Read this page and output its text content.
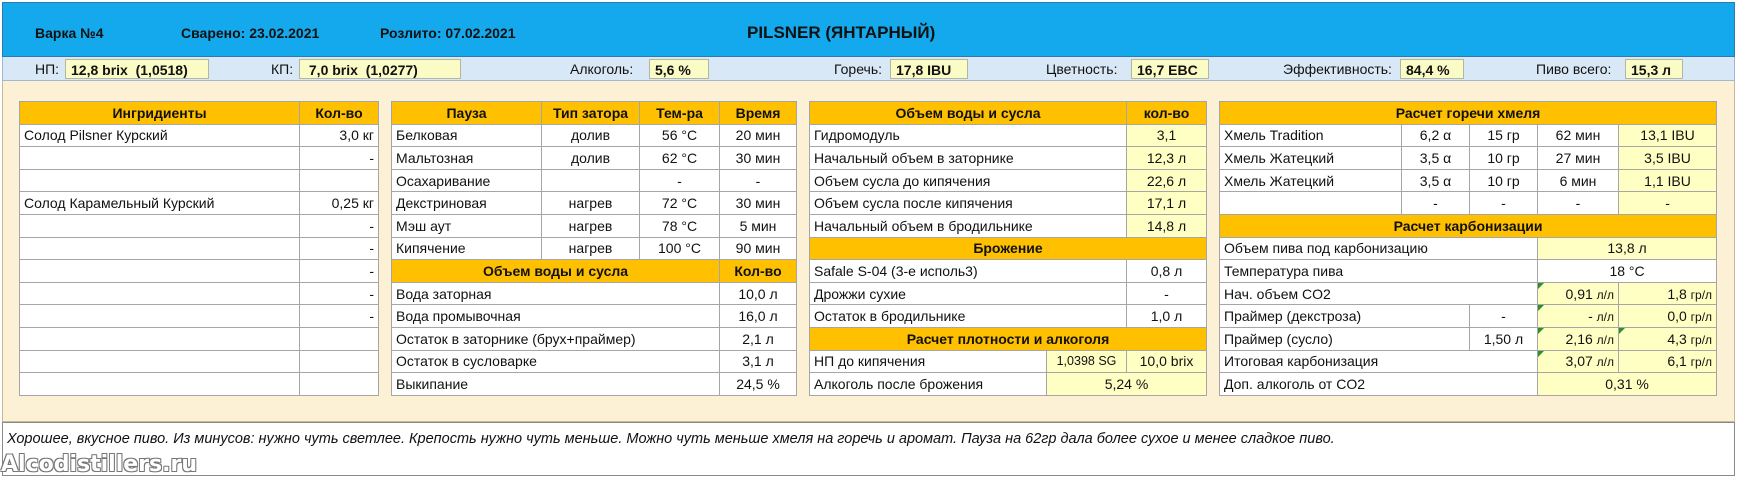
Варка №4	Сварено: 23.02.2021	Розлито: 07.02.2021	PILSNER (ЯНТАРНЫЙ)
НП: 12,8 brix (1,0518)	КП:	7,0 brix (1,0277)	Алкоголь:	5,6 %	Горечь: 17,8 IBU	Цветность:	16,7 EBC	Эффективность:	84,4 %	Пиво всего:	15,3 л
Ингридиенты	Кол-во
Солод Pilsner Курский	3,0 кг
	-

Солод Карамельный Курский	0,25 кг
	-
	-
	-
	-
	-

Пауза	Тип затора	Тем-ра	Время
Белковая	долив	56 °С	20 мин
Мальтозная	долив	62 °С	30 мин
Осахаривание		-	-
Декстриновая	нагрев	72 °С	30 мин
Мэш аут	нагрев	78 °С	5 мин
Кипячение	нагрев	100 °С	90 мин
Объем воды и сусла			Кол-во
Вода заторная			10,0 л
Вода промывочная			16,0 л
Остаток в заторнике (брух+праймер)			2,1 л
Остаток в сусловарке			3,1 л
Выкипание			24,5 %
Объем воды и сусла		кол-во
Гидромодуль		3,1
Начальный объем в заторнике		12,3 л
Объем сусла до кипячения		22,6 л
Объем сусла после кипячения		17,1 л
Начальный объем в бродильнике		14,8 л
Брожение		
Safale S-04 (3-е исполь3)		0,8 л
Дрожжи сухие		-
Остаток в бродильнике		1,0 л
Расчет плотности и алкоголя		
НП до кипячения	1,0398 SG	10,0 brix
Алкоголь после брожения	5,24 %	
Расчет горечи хмеля				
Хмель Tradition	6,2 α	15 гр	62 мин	13,1 IBU
Хмель Жатецкий	3,5 α	10 гр	27 мин	3,5 IBU
Хмель Жатецкий	3,5 α	10 гр	6 мин	1,1 IBU
	-	-	-	-
Расчет карбонизации				
Объем пива под карбонизацию			13,8 л	
Температура пива			18 °С	
Нач. объем CO2			0,91 л/л	1,8 гр/л
Праймер (декстроза)		-	- л/л	0,0 гр/л
Праймер (сусло)		1,50 л	2,16 л/л	4,3 гр/л
Итоговая карбонизация			3,07 л/л	6,1 гр/л
Доп. алкоголь от CO2			0,31 %	
Хорошее, вкусное пиво. Из минусов: нужно чуть светлее. Крепость нужно чуть меньше. Можно чуть меньше хмеля на горечь и аромат. Пауза на 62гр дала более сухое и менее сладкое пиво.
Alcodistillers.ru
